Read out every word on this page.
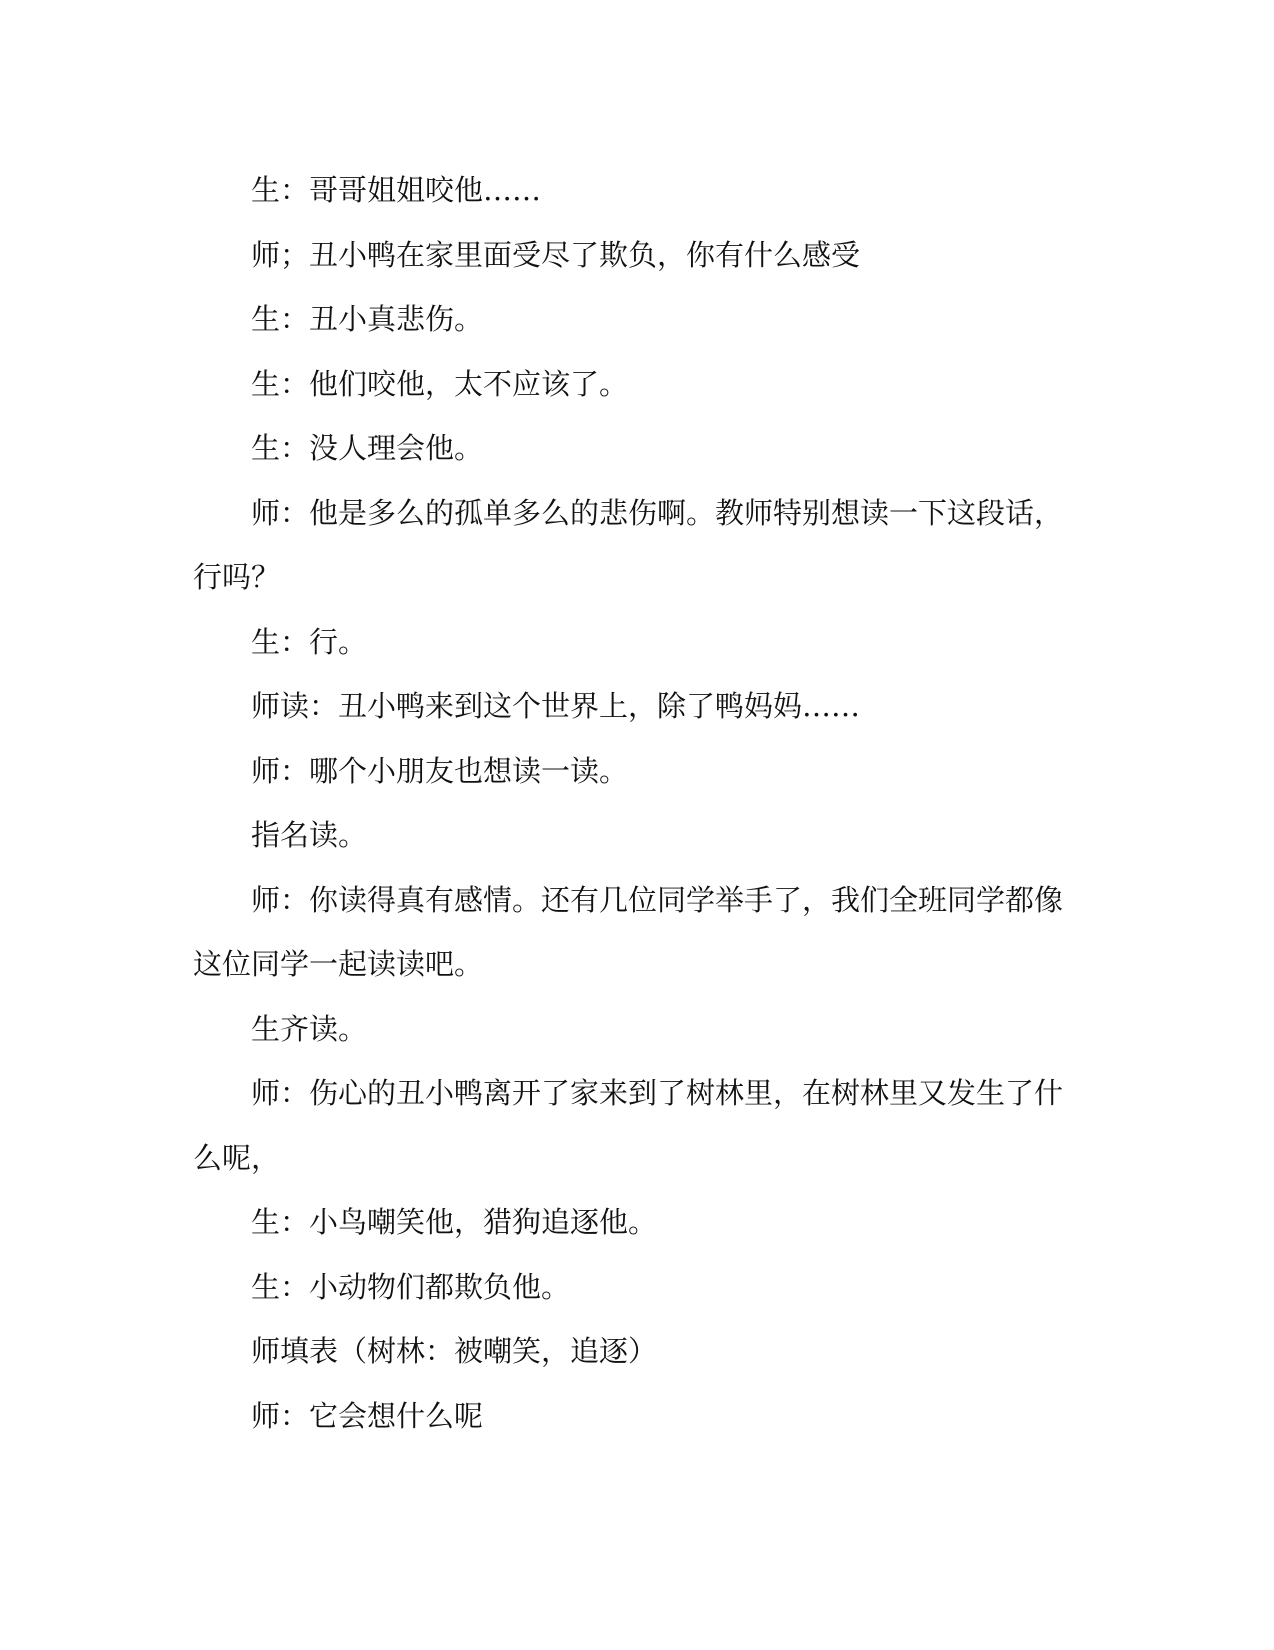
生：哥哥姐姐咬他……
师；丑小鸭在家里面受尽了欺负，你有什么感受
生：丑小真悲伤。
生：他们咬他，太不应该了。
生：没人理会他。
师：他是多么的孤单多么的悲伤啊。教师特别想读一下这段话，
行吗？
生：行。
师读：丑小鸭来到这个世界上，除了鸭妈妈……
师：哪个小朋友也想读一读。
指名读。
师：你读得真有感情。还有几位同学举手了，我们全班同学都像
这位同学一起读读吧。
生齐读。
师：伤心的丑小鸭离开了家来到了树林里，在树林里又发生了什
么呢，
生：小鸟嘲笑他，猎狗追逐他。
生：小动物们都欺负他。
师填表（树林：被嘲笑，追逐）
师：它会想什么呢
